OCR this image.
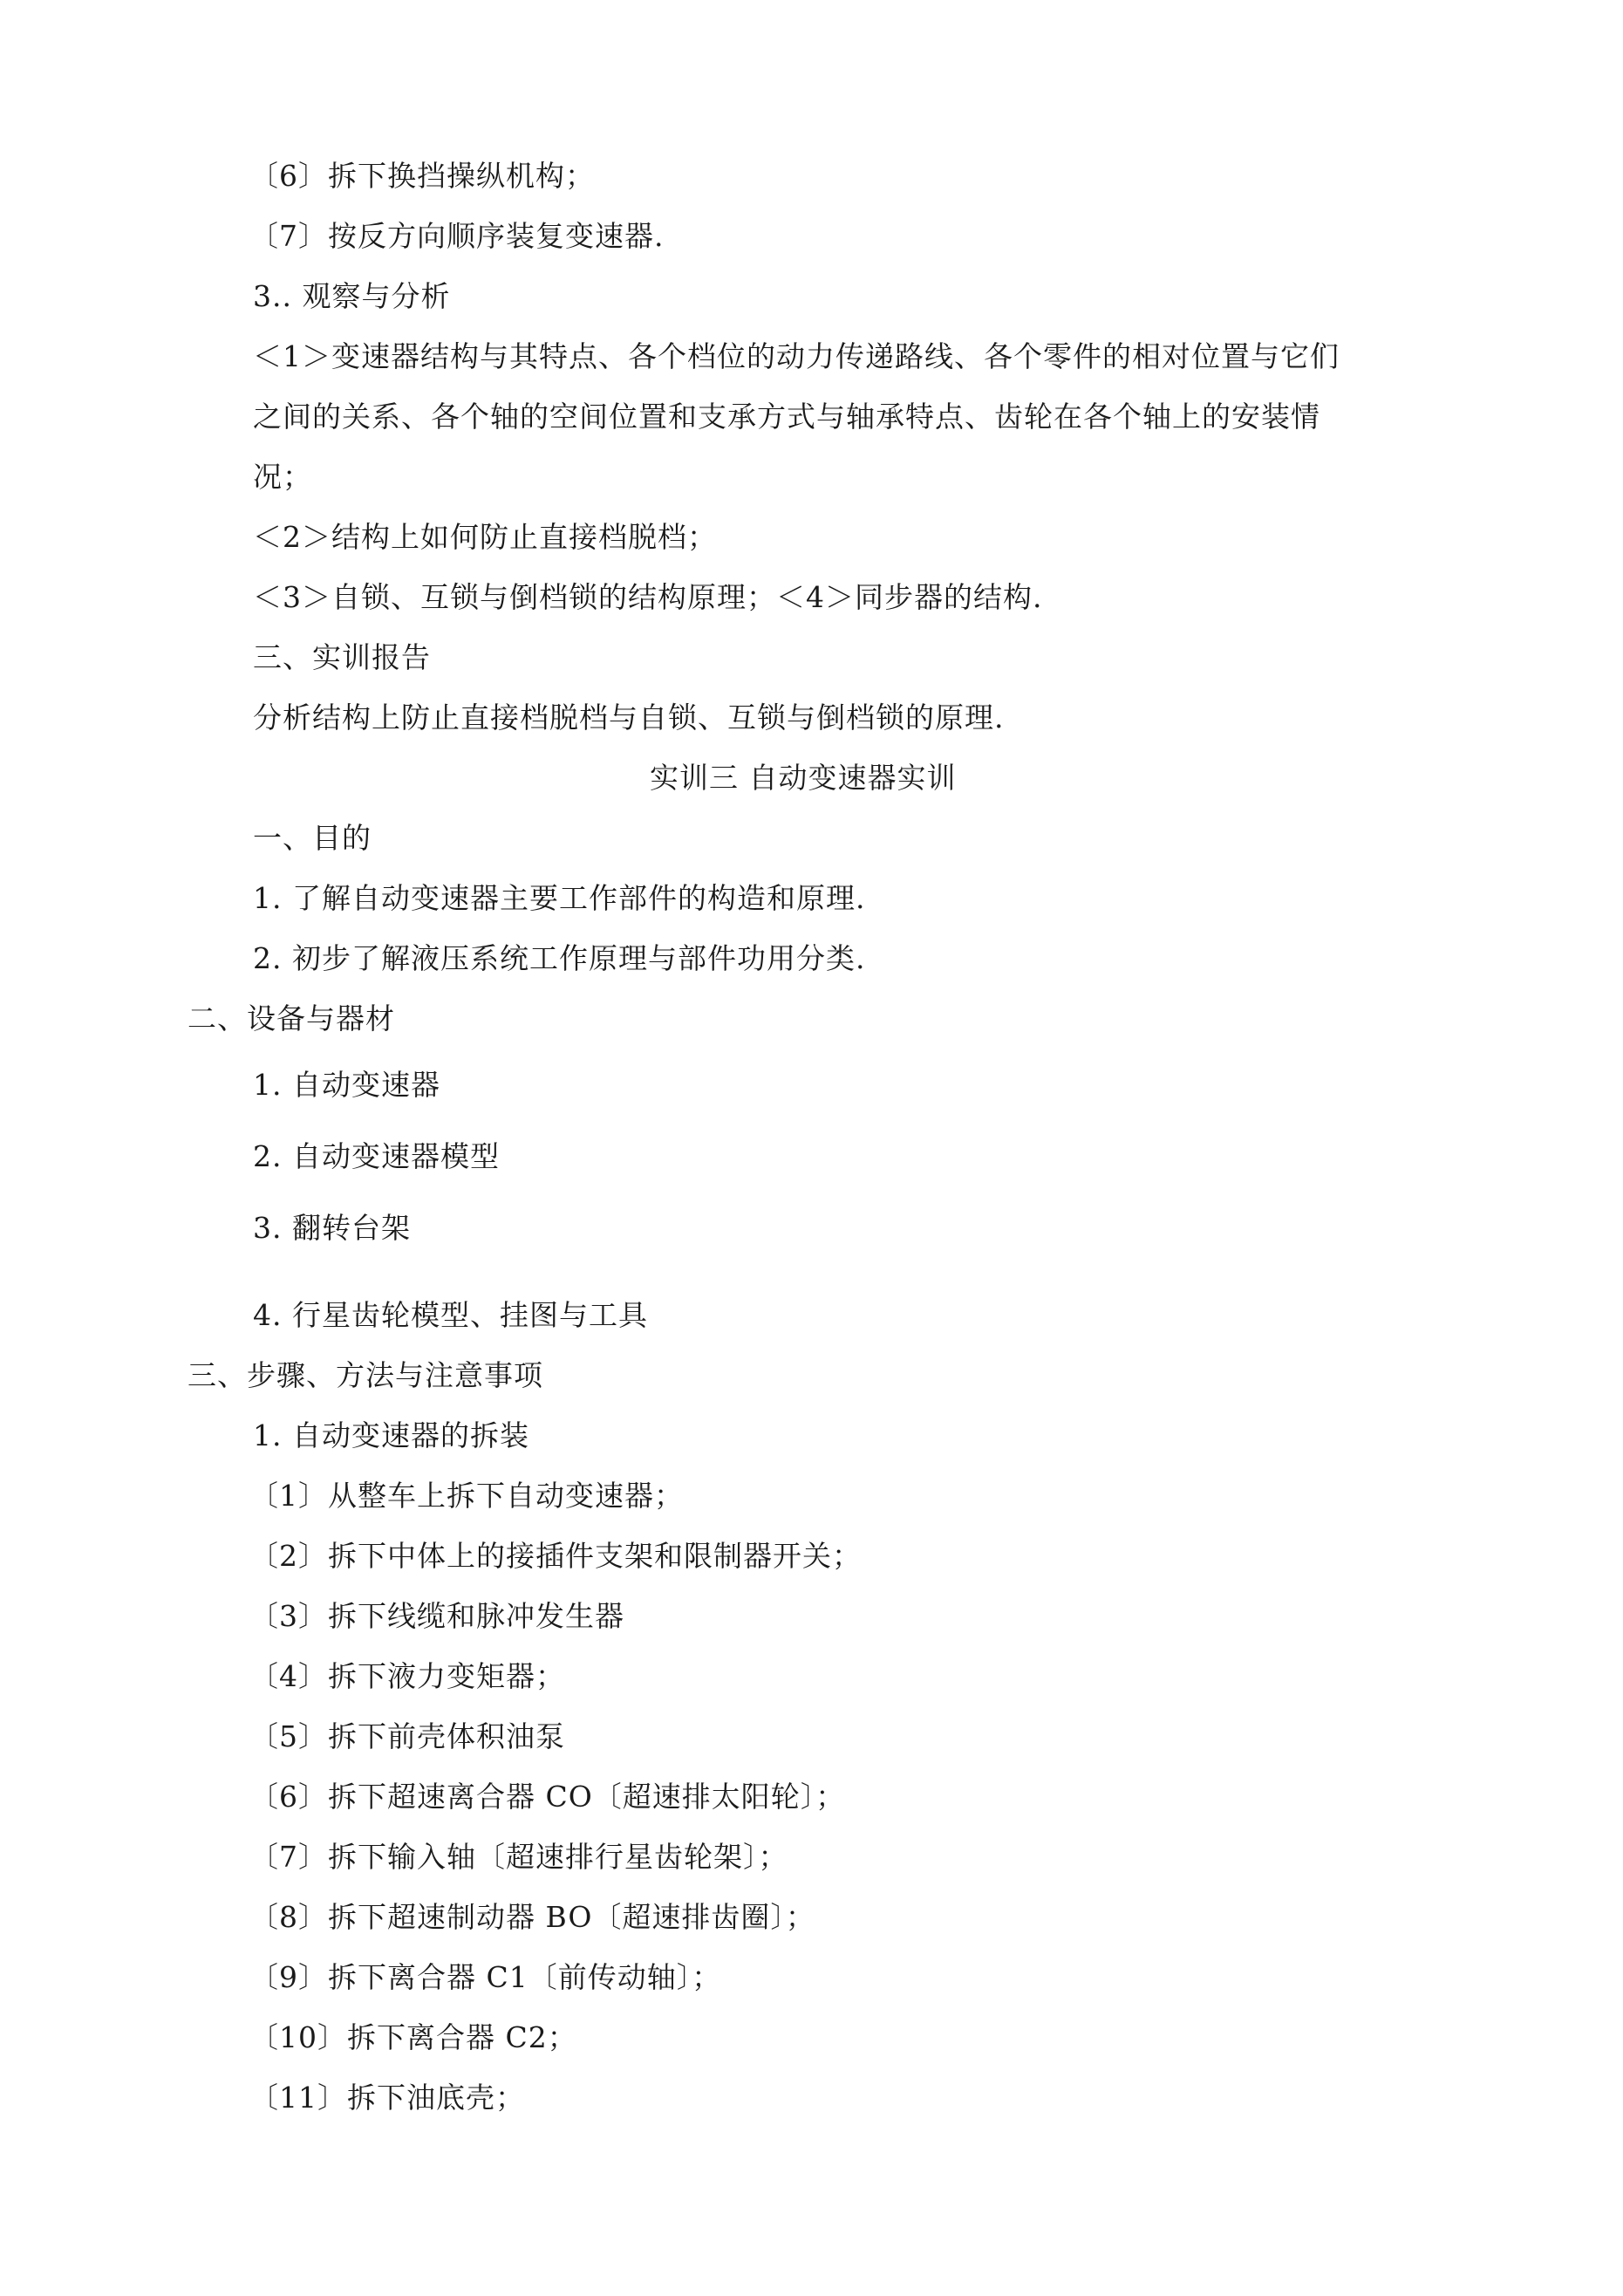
〔6〕拆下换挡操纵机构；
〔7〕按反方向顺序装复变速器.
3.. 观察与分析
＜1＞变速器结构与其特点、各个档位的动力传递路线、各个零件的相对位置与它们
之间的关系、各个轴的空间位置和支承方式与轴承特点、齿轮在各个轴上的安装情
况；
＜2＞结构上如何防止直接档脱档；
＜3＞自锁、互锁与倒档锁的结构原理；＜4＞同步器的结构.
三、实训报告
分析结构上防止直接档脱档与自锁、互锁与倒档锁的原理.
实训三 自动变速器实训
一、目的
1. 了解自动变速器主要工作部件的构造和原理.
2. 初步了解液压系统工作原理与部件功用分类.
二、设备与器材
1. 自动变速器
2. 自动变速器模型
3. 翻转台架
4. 行星齿轮模型、挂图与工具
三、步骤、方法与注意事项
1. 自动变速器的拆装
〔1〕从整车上拆下自动变速器；
〔2〕拆下中体上的接插件支架和限制器开关；
〔3〕拆下线缆和脉冲发生器
〔4〕拆下液力变矩器；
〔5〕拆下前壳体积油泵
〔6〕拆下超速离合器 CO〔超速排太阳轮〕；
〔7〕拆下输入轴〔超速排行星齿轮架〕；
〔8〕拆下超速制动器 BO〔超速排齿圈〕；
〔9〕拆下离合器 C1〔前传动轴〕；
〔10〕拆下离合器 C2；
〔11〕拆下油底壳；
